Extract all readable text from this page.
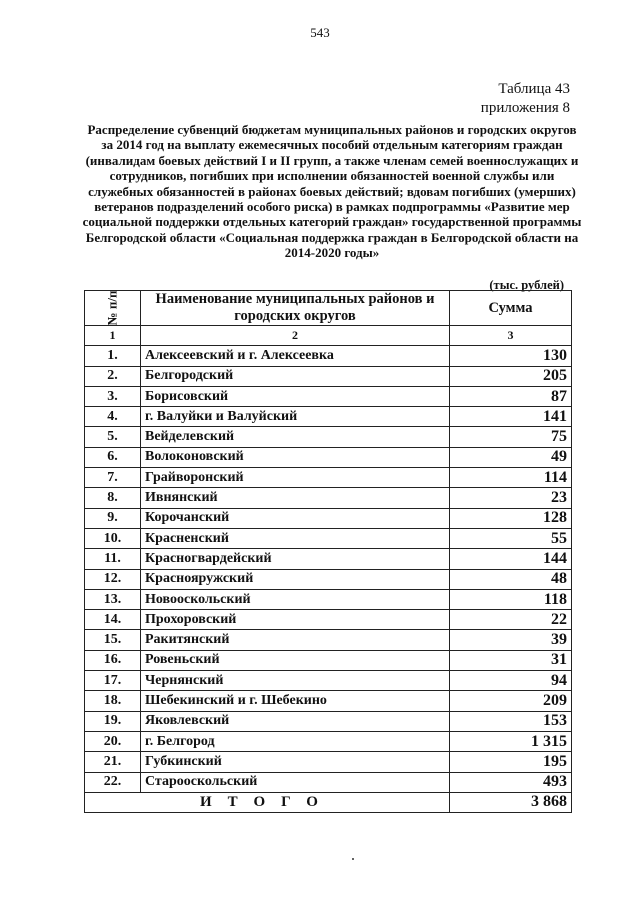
543
Таблица 43
приложения 8
Распределение субвенций бюджетам муниципальных районов и городских округов за 2014 год на выплату ежемесячных пособий отдельным категориям граждан (инвалидам боевых действий I и II групп, а также членам семей военнослужащих и сотрудников, погибших при исполнении обязанностей военной службы или служебных обязанностей в районах боевых действий; вдовам погибших (умерших) ветеранов подразделений особого риска) в рамках подпрограммы «Развитие мер социальной поддержки отдельных категорий граждан» государственной программы Белгородской области «Социальная поддержка граждан в Белгородской области на 2014-2020 годы»
(тыс. рублей)
№ п/п	Наименование муниципальных районов и городских округов	Сумма
1	2	3
1.	Алексеевский и г. Алексеевка	130
2.	Белгородский	205
3.	Борисовский	87
4.	г. Валуйки и Валуйский	141
5.	Вейделевский	75
6.	Волоконовский	49
7.	Грайворонский	114
8.	Ивнянский	23
9.	Корочанский	128
10.	Красненский	55
11.	Красногвардейский	144
12.	Краснояружский	48
13.	Новооскольский	118
14.	Прохоровский	22
15.	Ракитянский	39
16.	Ровеньский	31
17.	Чернянский	94
18.	Шебекинский и г. Шебекино	209
19.	Яковлевский	153
20.	г. Белгород	1 315
21.	Губкинский	195
22.	Старооскольский	493
ИТОГО		3 868
